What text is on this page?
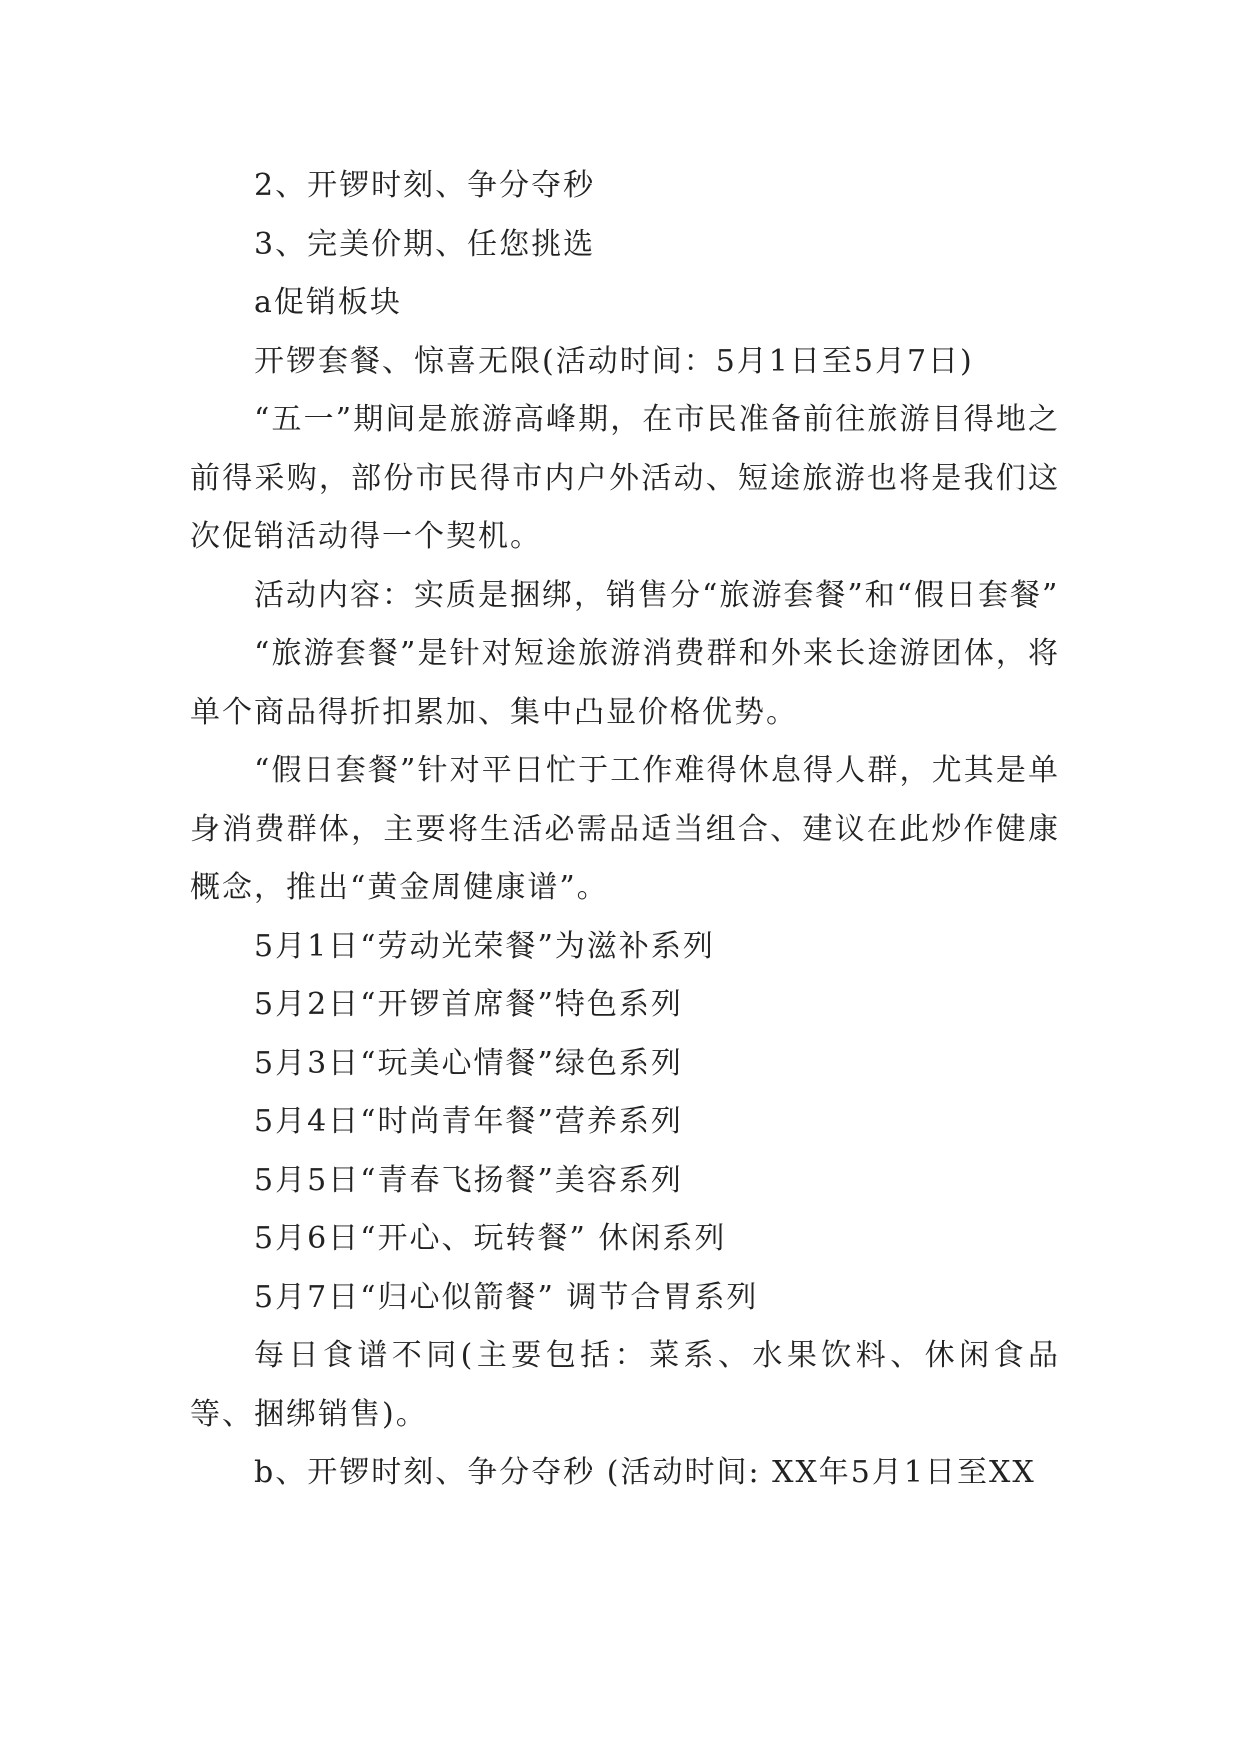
2、开锣时刻、争分夺秒

3、完美价期、任您挑选

a促销板块

开锣套餐、惊喜无限(活动时间：5月1日至5月7日)

“五一”期间是旅游高峰期，在市民准备前往旅游目得地之前得采购，部份市民得市内户外活动、短途旅游也将是我们这次促销活动得一个契机。

活动内容：实质是捆绑，销售分“旅游套餐”和“假日套餐”

“旅游套餐”是针对短途旅游消费群和外来长途游团体，将单个商品得折扣累加、集中凸显价格优势。

“假日套餐”针对平日忙于工作难得休息得人群，尤其是单身消费群体，主要将生活必需品适当组合、建议在此炒作健康概念，推出“黄金周健康谱”。

5月1日“劳动光荣餐”为滋补系列

5月2日“开锣首席餐”特色系列

5月3日“玩美心情餐”绿色系列

5月4日“时尚青年餐”营养系列

5月5日“青春飞扬餐”美容系列

5月6日“开心、玩转餐” 休闲系列

5月7日“归心似箭餐” 调节合胃系列

每日食谱不同(主要包括：菜系、水果饮料、休闲食品等、捆绑销售)。

b、开锣时刻、争分夺秒 (活动时间: XX年5月1日至XX
